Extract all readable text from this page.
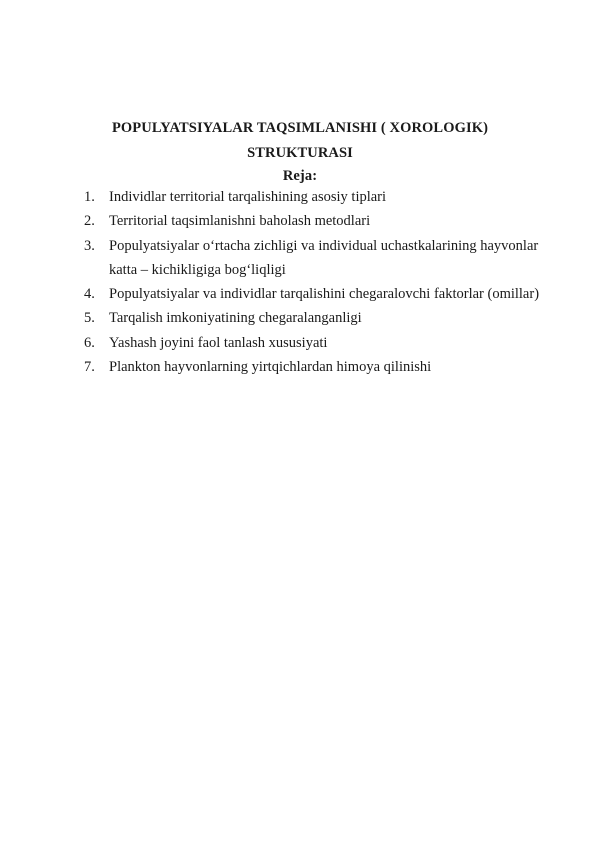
POPULYATSIYALAR TAQSIMLANISHI ( XOROLOGIK)
STRUKTURASI
Reja:
1. Individlar territorial tarqalishining asosiy tiplari
2. Territorial taqsimlanishni baholash metodlari
3. Populyatsiyalar o‘rtacha zichligi va individual uchastkalarining hayvonlar katta – kichikligiga bog‘liqligi
4. Populyatsiyalar va individlar tarqalishini chegaralovchi faktorlar (omillar)
5. Tarqalish imkoniyatining chegaralanganligi
6. Yashash joyini faol tanlash xususiyati
7. Plankton hayvonlarning yirtqichlardan himoya qilinishi
